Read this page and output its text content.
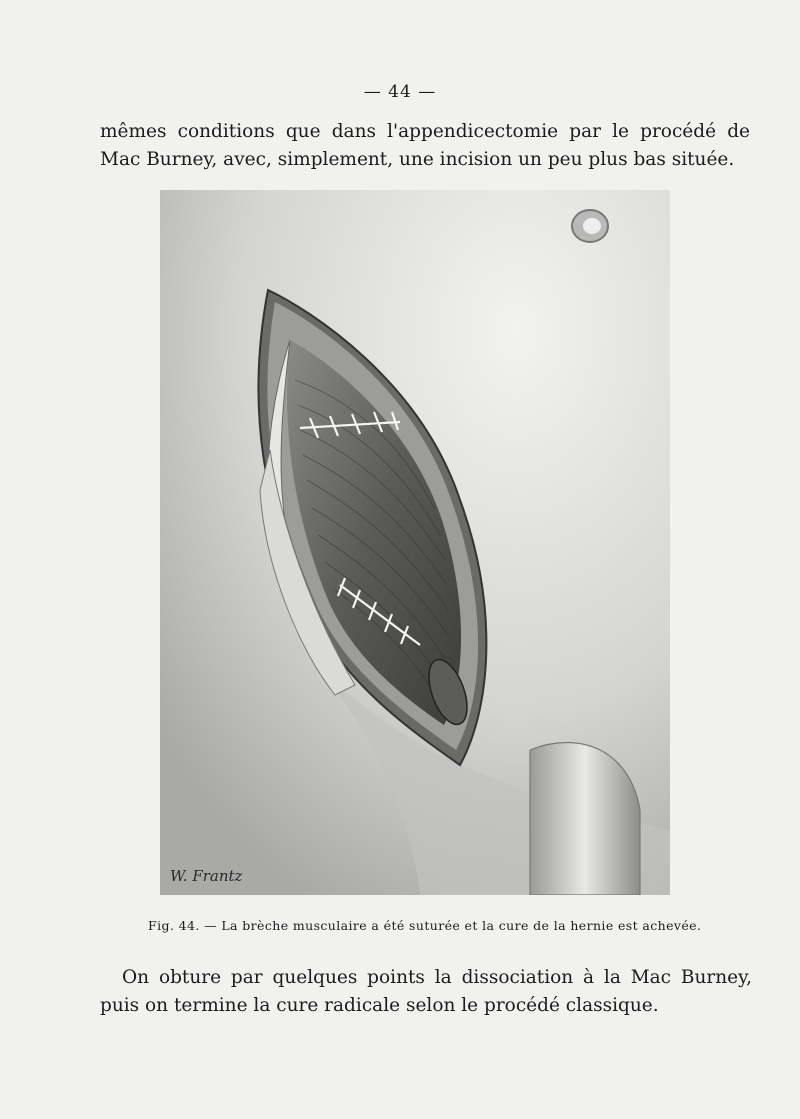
— 44 —

mêmes conditions que dans l'appendicectomie par le procédé de Mac Burney, avec, simplement, une incision un peu plus bas située.

W. Frantz

Fig. 44. — La brèche musculaire a été suturée et la cure de la hernie est achevée.

On obture par quelques points la dissociation à la Mac Burney, puis on termine la cure radicale selon le procédé classique.
